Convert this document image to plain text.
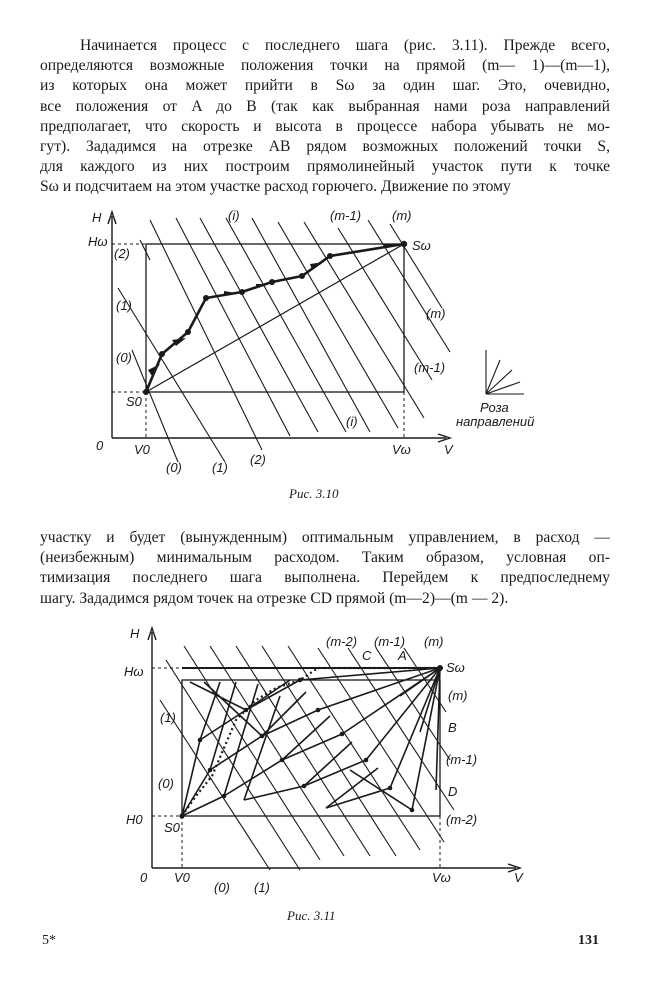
Начинается процесс с последнего шага (рис. 3.11). Прежде всего,
определяются возможные положения точки на прямой (m— 1)—(m—1),
из которых она может прийти в Sω за один шаг. Это, очевидно,
все положения от A до B (так как выбранная нами роза направлений
предполагает, что скорость и высота в процессе набора убывать не мо-
гут). Зададимся на отрезке AB рядом возможных положений точки S,
для каждого из них построим прямолинейный участок пути к точке
Sω и подсчитаем на этом участке расход горючего. Движение по этому
H
Hω
0
S0
Sω
V
V0	Vω
(i)	(m-1) (m)
(2)
(1)
(0)
(m)
(m-1)
(i)
(0) (1)
(2)
Роза
направлений
Рис. 3.10
участку и будет (вынужденным) оптимальным управлением, в расход —
(неизбежным) минимальным расходом. Таким образом, условная оп-
тимизация последнего шага выполнена. Перейдем к предпоследнему
шагу. Зададимся рядом точек на отрезке CD прямой (m—2)—(m — 2).
H
Hω
H0
0
S0
Sω
V
V0	Vω
(m-2) (m-1) (m)
C A
B
D
(1)
(0)
(m)
(m-1)
(m-2)
(0) (1)
Рис. 3.11
5*	131
